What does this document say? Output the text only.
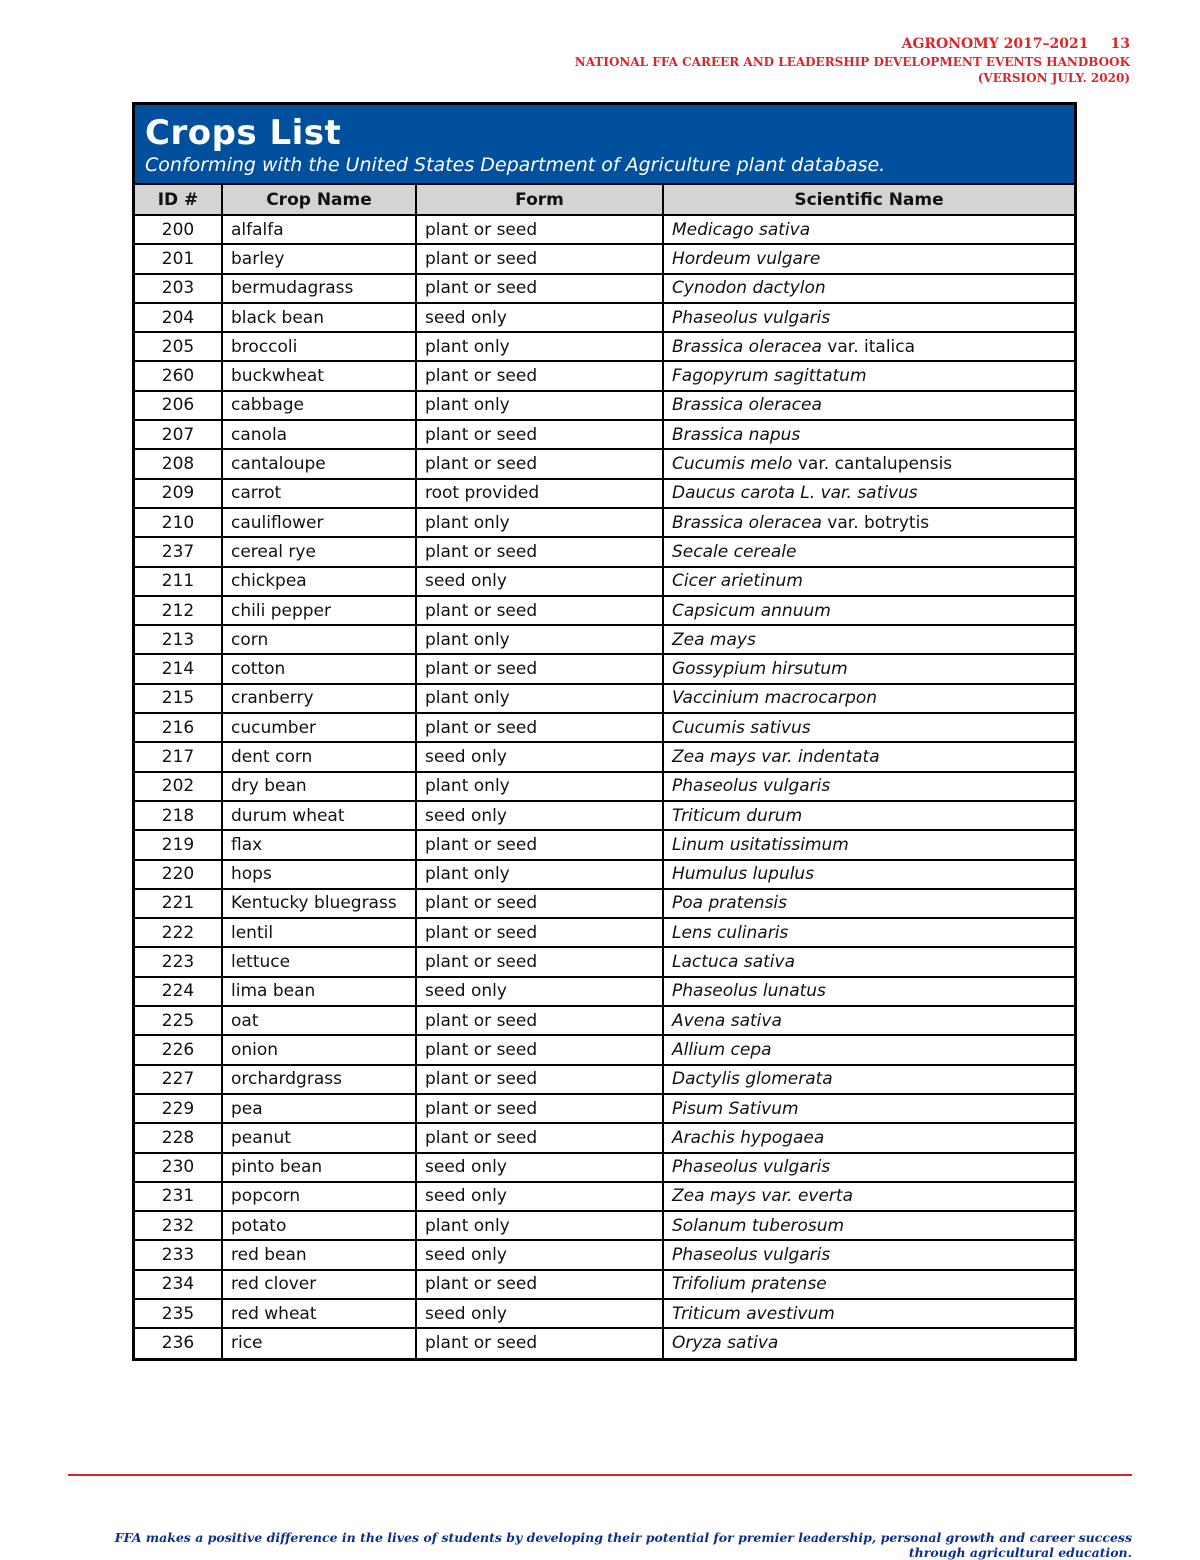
AGRONOMY 2017–2021 13
NATIONAL FFA CAREER AND LEADERSHIP DEVELOPMENT EVENTS HANDBOOK
(VERSION JULY. 2020)
Crops List
Conforming with the United States Department of Agriculture plant database.
ID #	Crop Name	Form	Scientific Name
200	alfalfa	plant or seed	Medicago sativa
201	barley	plant or seed	Hordeum vulgare
203	bermudagrass	plant or seed	Cynodon dactylon
204	black bean	seed only	Phaseolus vulgaris
205	broccoli	plant only	Brassica oleracea var. italica
260	buckwheat	plant or seed	Fagopyrum sagittatum
206	cabbage	plant only	Brassica oleracea
207	canola	plant or seed	Brassica napus
208	cantaloupe	plant or seed	Cucumis melo var. cantalupensis
209	carrot	root provided	Daucus carota L. var. sativus
210	cauliflower	plant only	Brassica oleracea var. botrytis
237	cereal rye	plant or seed	Secale cereale
211	chickpea	seed only	Cicer arietinum
212	chili pepper	plant or seed	Capsicum annuum
213	corn	plant only	Zea mays
214	cotton	plant or seed	Gossypium hirsutum
215	cranberry	plant only	Vaccinium macrocarpon
216	cucumber	plant or seed	Cucumis sativus
217	dent corn	seed only	Zea mays var. indentata
202	dry bean	plant only	Phaseolus vulgaris
218	durum wheat	seed only	Triticum durum
219	flax	plant or seed	Linum usitatissimum
220	hops	plant only	Humulus lupulus
221	Kentucky bluegrass	plant or seed	Poa pratensis
222	lentil	plant or seed	Lens culinaris
223	lettuce	plant or seed	Lactuca sativa
224	lima bean	seed only	Phaseolus lunatus
225	oat	plant or seed	Avena sativa
226	onion	plant or seed	Allium cepa
227	orchardgrass	plant or seed	Dactylis glomerata
229	pea	plant or seed	Pisum Sativum
228	peanut	plant or seed	Arachis hypogaea
230	pinto bean	seed only	Phaseolus vulgaris
231	popcorn	seed only	Zea mays var. everta
232	potato	plant only	Solanum tuberosum
233	red bean	seed only	Phaseolus vulgaris
234	red clover	plant or seed	Trifolium pratense
235	red wheat	seed only	Triticum avestivum
236	rice	plant or seed	Oryza sativa
FFA makes a positive difference in the lives of students by developing their potential for premier leadership, personal growth and career success through agricultural education.
